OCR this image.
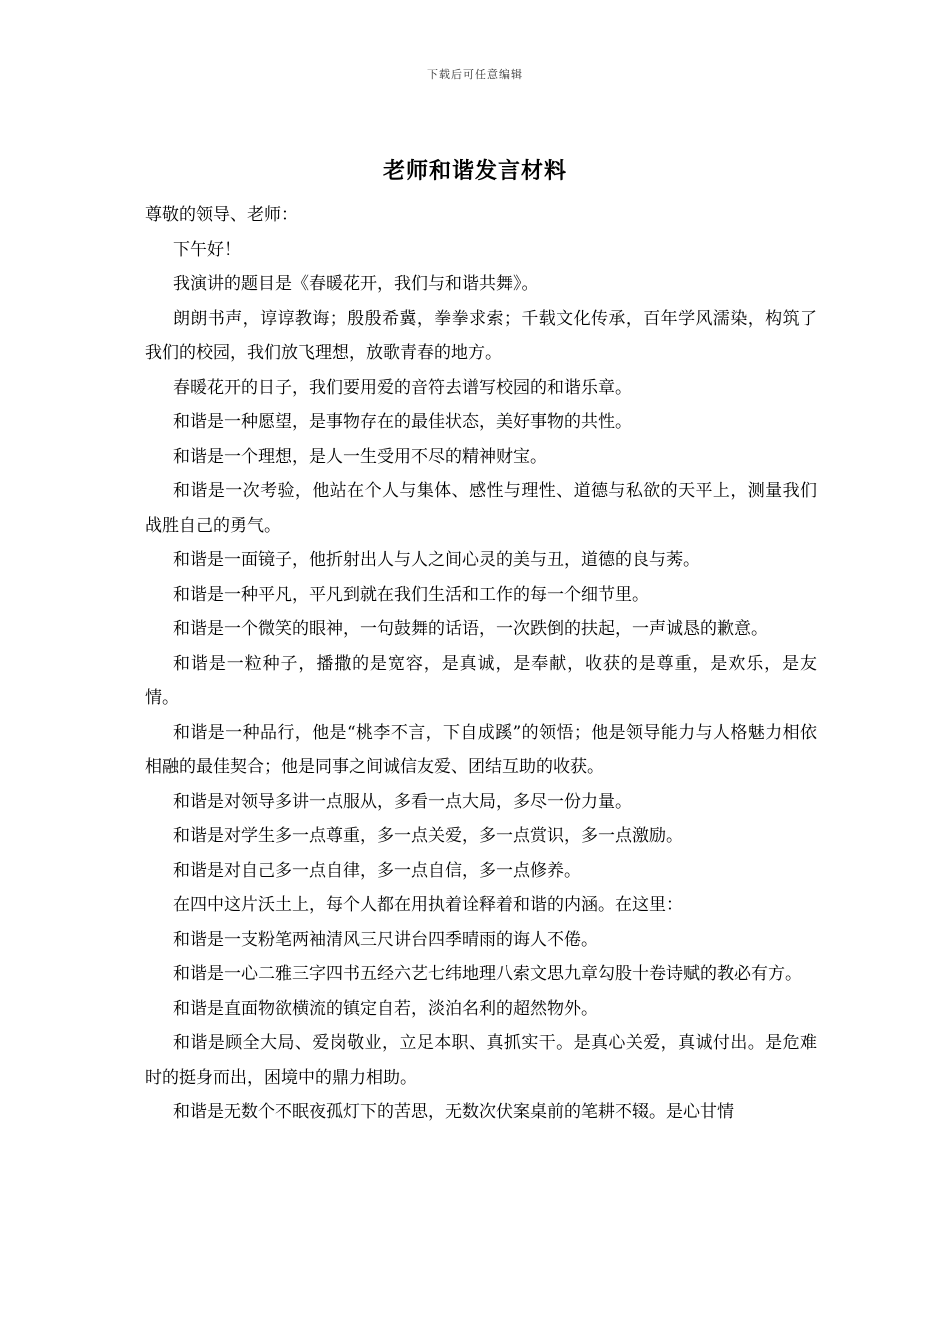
下载后可任意编辑
老师和谐发言材料

尊敬的领导、老师：

下午好！

我演讲的题目是《春暖花开，我们与和谐共舞》。

朗朗书声，谆谆教诲；殷殷希冀，拳拳求索；千载文化传承，百年学风濡染，构筑了我们的校园，我们放飞理想，放歌青春的地方。

春暖花开的日子，我们要用爱的音符去谱写校园的和谐乐章。

和谐是一种愿望，是事物存在的最佳状态，美好事物的共性。

和谐是一个理想，是人一生受用不尽的精神财宝。

和谐是一次考验，他站在个人与集体、感性与理性、道德与私欲的天平上，测量我们战胜自己的勇气。

和谐是一面镜子，他折射出人与人之间心灵的美与丑，道德的良与莠。

和谐是一种平凡，平凡到就在我们生活和工作的每一个细节里。

和谐是一个微笑的眼神，一句鼓舞的话语，一次跌倒的扶起，一声诚恳的歉意。

和谐是一粒种子，播撒的是宽容，是真诚，是奉献，收获的是尊重，是欢乐，是友情。

和谐是一种品行，他是“桃李不言，下自成蹊”的领悟；他是领导能力与人格魅力相依相融的最佳契合；他是同事之间诚信友爱、团结互助的收获。

和谐是对领导多讲一点服从，多看一点大局，多尽一份力量。

和谐是对学生多一点尊重，多一点关爱，多一点赏识，多一点激励。

和谐是对自己多一点自律，多一点自信，多一点修养。

在四中这片沃土上，每个人都在用执着诠释着和谐的内涵。在这里：

和谐是一支粉笔两袖清风三尺讲台四季晴雨的诲人不倦。

和谐是一心二雅三字四书五经六艺七纬地理八索文思九章勾股十卷诗赋的教必有方。

和谐是直面物欲横流的镇定自若，淡泊名利的超然物外。

和谐是顾全大局、爱岗敬业，立足本职、真抓实干。是真心关爱，真诚付出。是危难时的挺身而出，困境中的鼎力相助。

和谐是无数个不眠夜孤灯下的苦思，无数次伏案桌前的笔耕不辍。是心甘情
